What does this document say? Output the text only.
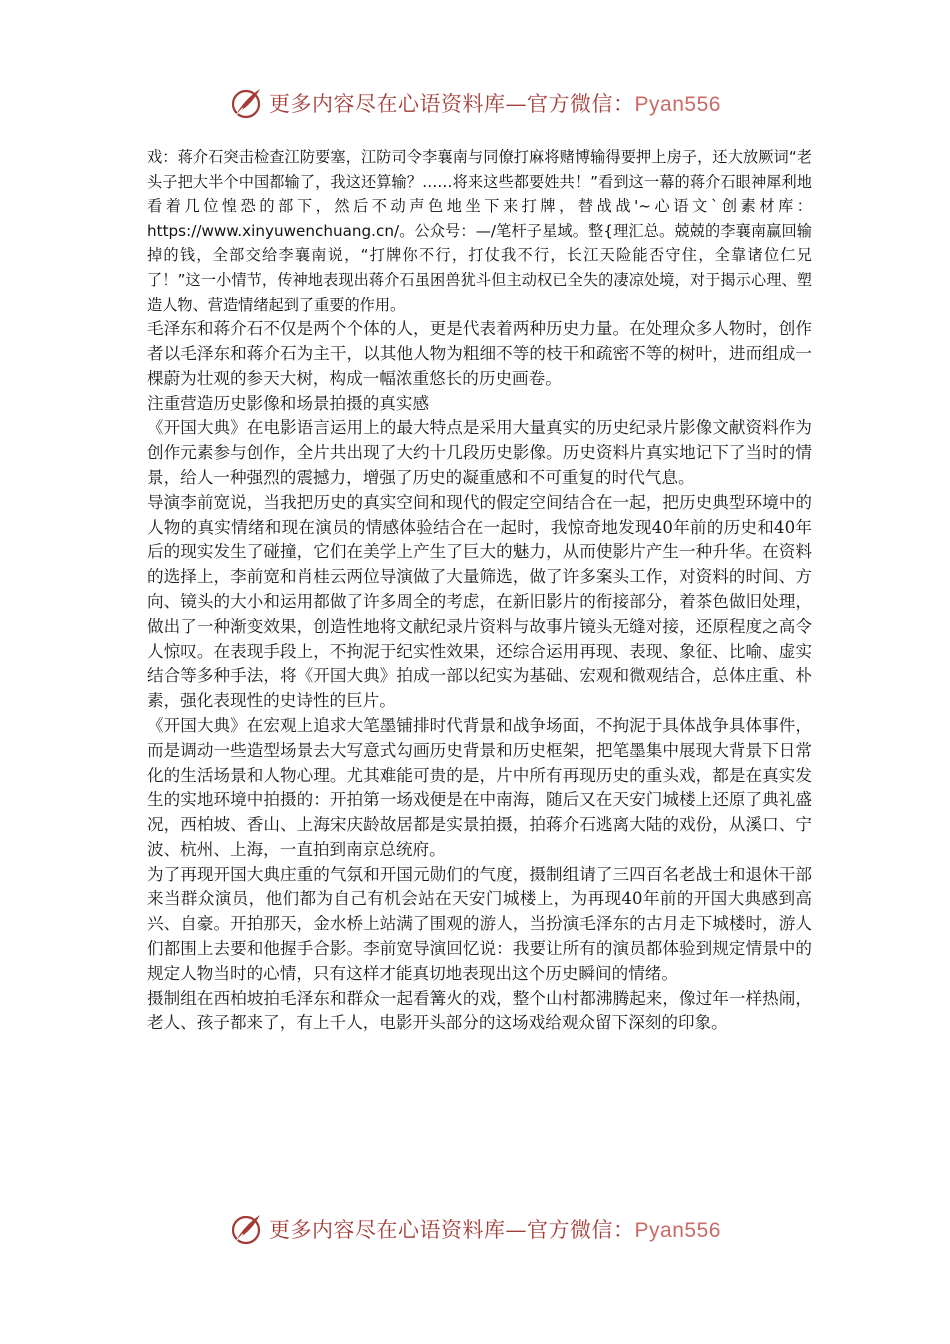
更多内容尽在心语资料库—官方微信：Pyan556

戏：蒋介石突击检查江防要塞，江防司令李襄南与同僚打麻将赌博输得要押上房子，还大放厥词“老头子把大半个中国都输了，我这还算输？……将来这些都要姓共！”看到这一幕的蒋介石眼神犀利地看着几位惶恐的部下，然后不动声色地坐下来打牌，替战战'~心语文`创素材库：https://www.xinyuwenchuang.cn/。公众号：—/笔杆子星域。整{理汇总。兢兢的李襄南赢回输掉的钱，全部交给李襄南说，“打牌你不行，打仗我不行，长江天险能否守住，全靠诸位仁兄了！”这一小情节，传神地表现出蒋介石虽困兽犹斗但主动权已全失的凄凉处境，对于揭示心理、塑造人物、营造情绪起到了重要的作用。

毛泽东和蒋介石不仅是两个个体的人，更是代表着两种历史力量。在处理众多人物时，创作者以毛泽东和蒋介石为主干，以其他人物为粗细不等的枝干和疏密不等的树叶，进而组成一棵蔚为壮观的参天大树，构成一幅浓重悠长的历史画卷。

注重营造历史影像和场景拍摄的真实感

《开国大典》在电影语言运用上的最大特点是采用大量真实的历史纪录片影像文献资料作为创作元素参与创作，全片共出现了大约十几段历史影像。历史资料片真实地记下了当时的情景，给人一种强烈的震撼力，增强了历史的凝重感和不可重复的时代气息。

导演李前宽说，当我把历史的真实空间和现代的假定空间结合在一起，把历史典型环境中的人物的真实情绪和现在演员的情感体验结合在一起时，我惊奇地发现40年前的历史和40年后的现实发生了碰撞，它们在美学上产生了巨大的魅力，从而使影片产生一种升华。在资料的选择上，李前宽和肖桂云两位导演做了大量筛选，做了许多案头工作，对资料的时间、方向、镜头的大小和运用都做了许多周全的考虑，在新旧影片的衔接部分，着茶色做旧处理，做出了一种渐变效果，创造性地将文献纪录片资料与故事片镜头无缝对接，还原程度之高令人惊叹。在表现手段上，不拘泥于纪实性效果，还综合运用再现、表现、象征、比喻、虚实结合等多种手法，将《开国大典》拍成一部以纪实为基础、宏观和微观结合，总体庄重、朴素，强化表现性的史诗性的巨片。

《开国大典》在宏观上追求大笔墨铺排时代背景和战争场面，不拘泥于具体战争具体事件，而是调动一些造型场景去大写意式勾画历史背景和历史框架，把笔墨集中展现大背景下日常化的生活场景和人物心理。尤其难能可贵的是，片中所有再现历史的重头戏，都是在真实发生的实地环境中拍摄的：开拍第一场戏便是在中南海，随后又在天安门城楼上还原了典礼盛况，西柏坡、香山、上海宋庆龄故居都是实景拍摄，拍蒋介石逃离大陆的戏份，从溪口、宁波、杭州、上海，一直拍到南京总统府。

为了再现开国大典庄重的气氛和开国元勋们的气度，摄制组请了三四百名老战士和退休干部来当群众演员，他们都为自己有机会站在天安门城楼上，为再现40年前的开国大典感到高兴、自豪。开拍那天，金水桥上站满了围观的游人，当扮演毛泽东的古月走下城楼时，游人们都围上去要和他握手合影。李前宽导演回忆说：我要让所有的演员都体验到规定情景中的规定人物当时的心情，只有这样才能真切地表现出这个历史瞬间的情绪。

摄制组在西柏坡拍毛泽东和群众一起看篝火的戏，整个山村都沸腾起来，像过年一样热闹，老人、孩子都来了，有上千人，电影开头部分的这场戏给观众留下深刻的印象。

更多内容尽在心语资料库—官方微信：Pyan556
